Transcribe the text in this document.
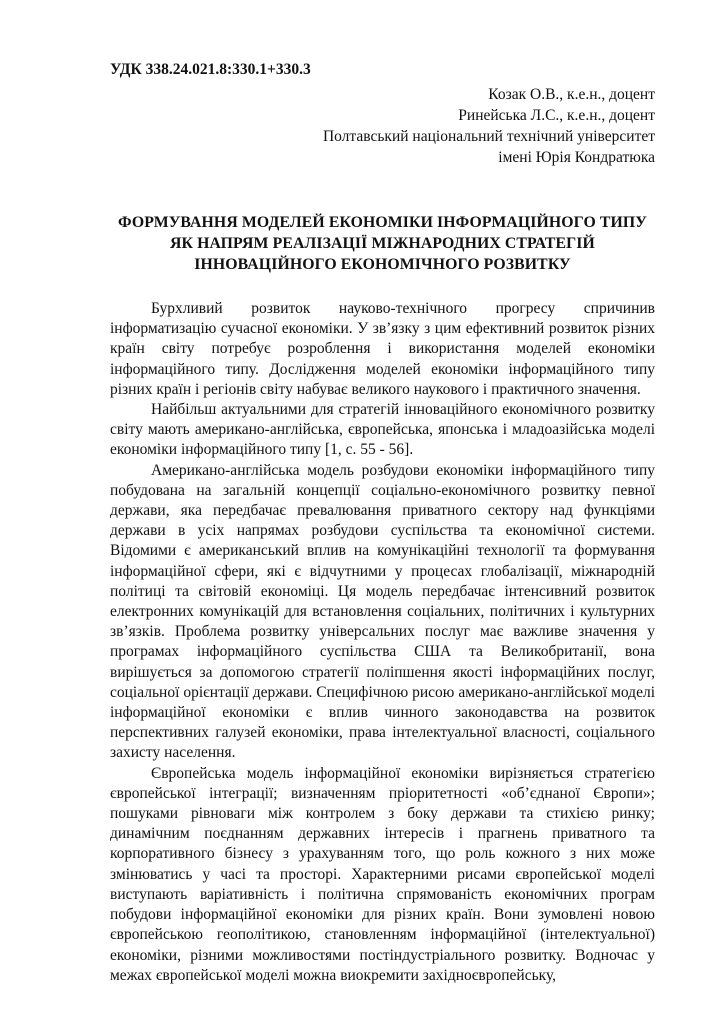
УДК 338.24.021.8:330.1+330.3
Козак О.В., к.е.н., доцент
Ринейська Л.С., к.е.н., доцент
Полтавський національний технічний університет
імені Юрія Кондратюка
ФОРМУВАННЯ МОДЕЛЕЙ ЕКОНОМІКИ ІНФОРМАЦІЙНОГО ТИПУ
ЯК НАПРЯМ РЕАЛІЗАЦІЇ МІЖНАРОДНИХ СТРАТЕГІЙ
ІННОВАЦІЙНОГО ЕКОНОМІЧНОГО РОЗВИТКУ

Бурхливий розвиток науково-технічного прогресу спричинив інформатизацію сучасної економіки. У зв’язку з цим ефективний розвиток різних країн світу потребує розроблення і використання моделей економіки інформаційного типу. Дослідження моделей економіки інформаційного типу різних країн і регіонів світу набуває великого наукового і практичного значення.

Найбільш актуальними для стратегій інноваційного економічного розвитку світу мають американо-англійська, європейська, японська і младоазійська моделі економіки інформаційного типу [1, с. 55 - 56].

Американо-англійська модель розбудови економіки інформаційного типу побудована на загальній концепції соціально-економічного розвитку певної держави, яка передбачає превалювання приватного сектору над функціями держави в усіх напрямах розбудови суспільства та економічної системи. Відомими є американський вплив на комунікаційні технології та формування інформаційної сфери, які є відчутними у процесах глобалізації, міжнародній політиці та світовій економіці. Ця модель передбачає інтенсивний розвиток електронних комунікацій для встановлення соціальних, політичних і культурних зв’язків. Проблема розвитку універсальних послуг має важливе значення у програмах інформаційного суспільства США та Великобританії, вона вирішується за допомогою стратегії поліпшення якості інформаційних послуг, соціальної орієнтації держави. Специфічною рисою американо-англійської моделі інформаційної економіки є вплив чинного законодавства на розвиток перспективних галузей економіки, права інтелектуальної власності, соціального захисту населення.

Європейська модель інформаційної економіки вирізняється стратегією європейської інтеграції; визначенням пріоритетності «об’єднаної Європи»; пошуками рівноваги між контролем з боку держави та стихією ринку; динамічним поєднанням державних інтересів і прагнень приватного та корпоративного бізнесу з урахуванням того, що роль кожного з них може змінюватись у часі та просторі. Характерними рисами європейської моделі виступають варіативність і політична спрямованість економічних програм побудови інформаційної економіки для різних країн. Вони зумовлені новою європейською геополітикою, становленням інформаційної (інтелектуальної) економіки, різними можливостями постіндустріального розвитку. Водночас у межах європейської моделі можна виокремити західноєвропейську,
